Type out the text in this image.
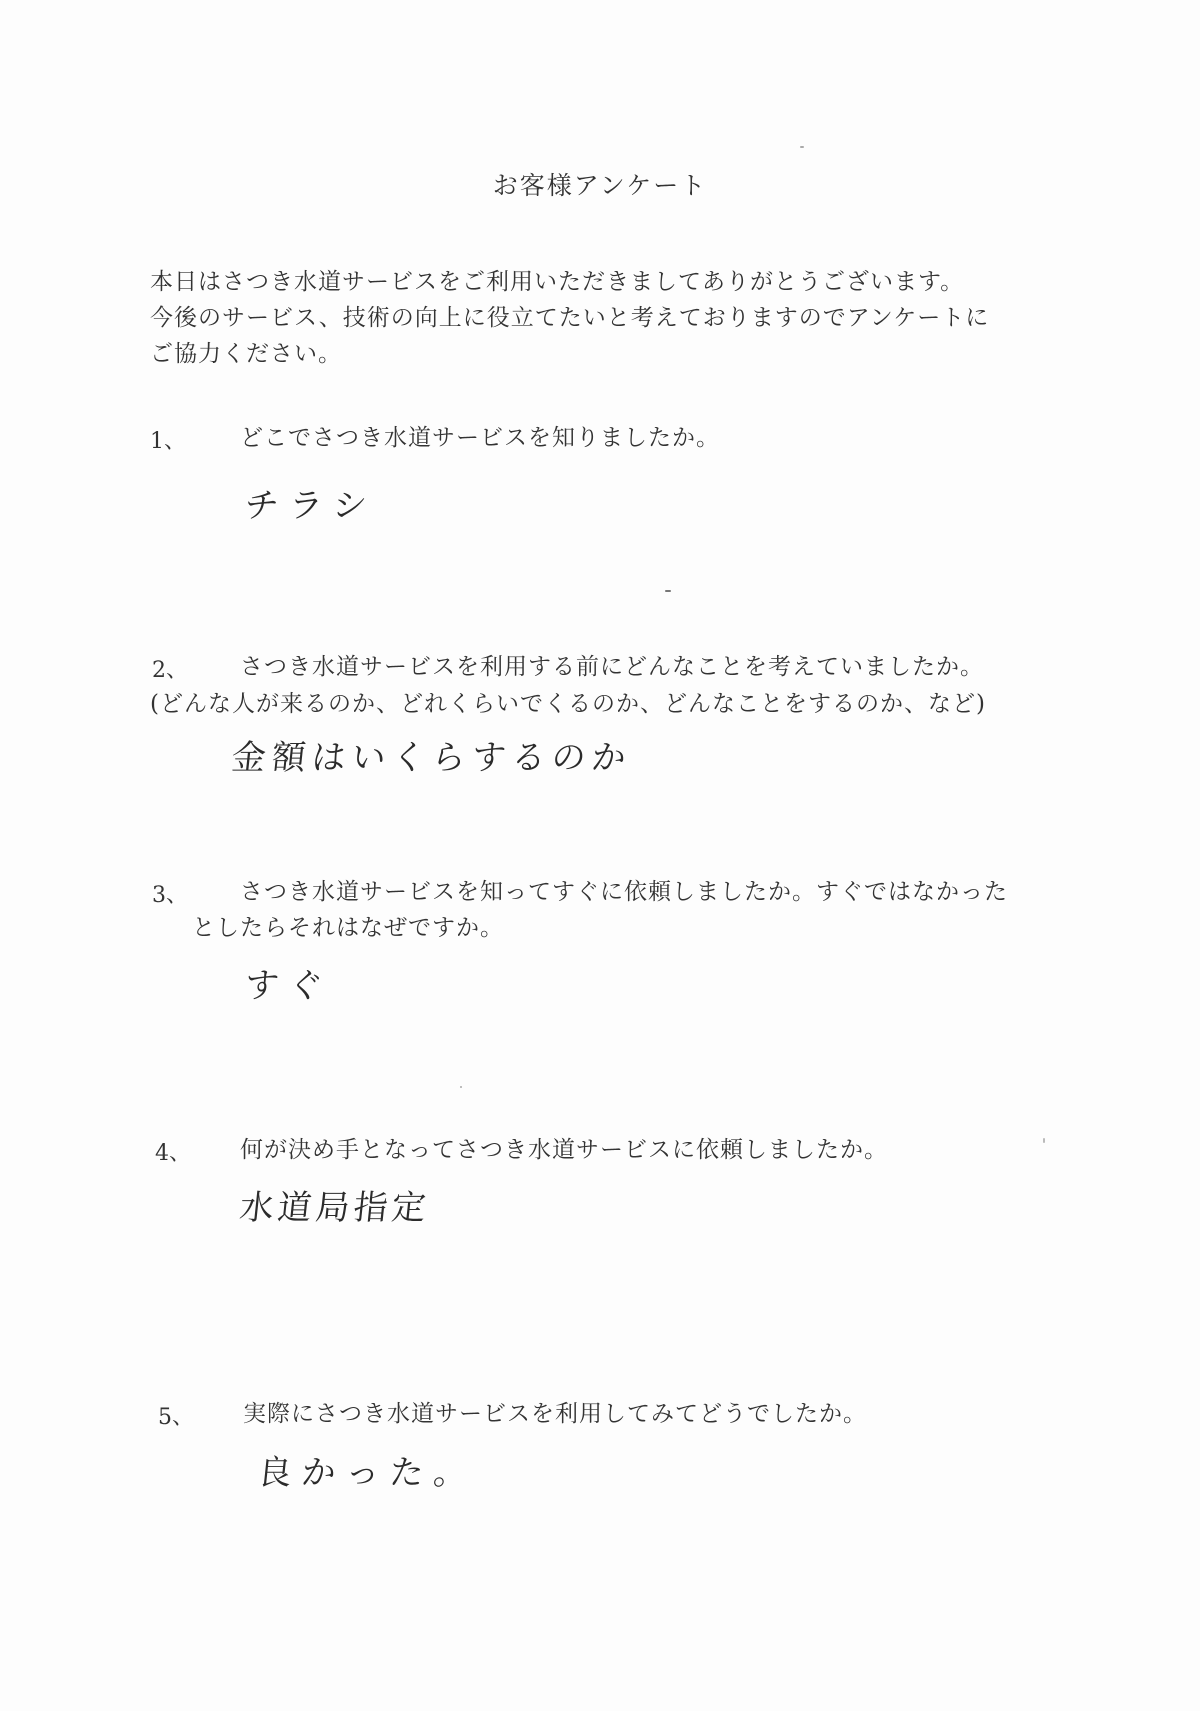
お客様アンケート
本日はさつき水道サービスをご利用いただきましてありがとうございます。
今後のサービス、技術の向上に役立てたいと考えておりますのでアンケートに
ご協力ください。
1、 どこでさつき水道サービスを知りましたか。
チラシ
2、 さつき水道サービスを利用する前にどんなことを考えていましたか。
(どんな人が来るのか、どれくらいでくるのか、どんなことをするのか、など)
金額はいくらするのか
3、 さつき水道サービスを知ってすぐに依頼しましたか。すぐではなかった
としたらそれはなぜですか。
すぐ
4、 何が決め手となってさつき水道サービスに依頼しましたか。
水道局指定
5、 実際にさつき水道サービスを利用してみてどうでしたか。
良かった。
